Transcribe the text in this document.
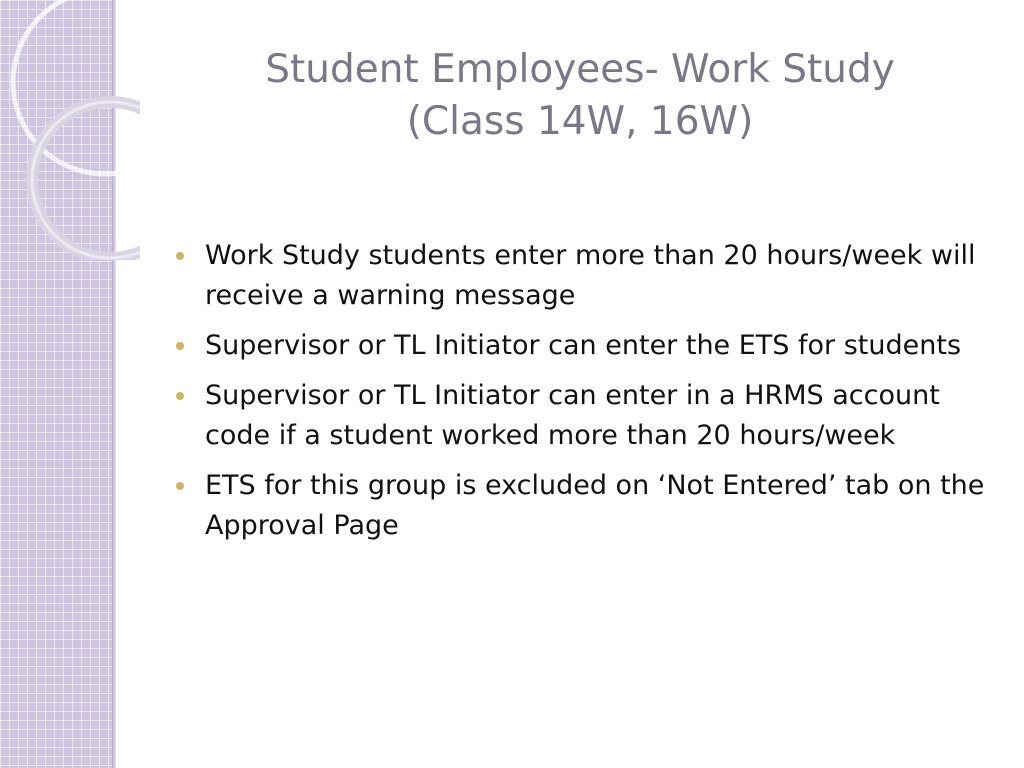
Student Employees- Work Study
(Class 14W, 16W)
Work Study students enter more than 20 hours/week will receive a warning message
Supervisor or TL Initiator can enter the ETS for students
Supervisor or TL Initiator can enter in a HRMS account code if a student worked more than 20 hours/week
ETS for this group is excluded on ‘Not Entered’ tab on the Approval Page
